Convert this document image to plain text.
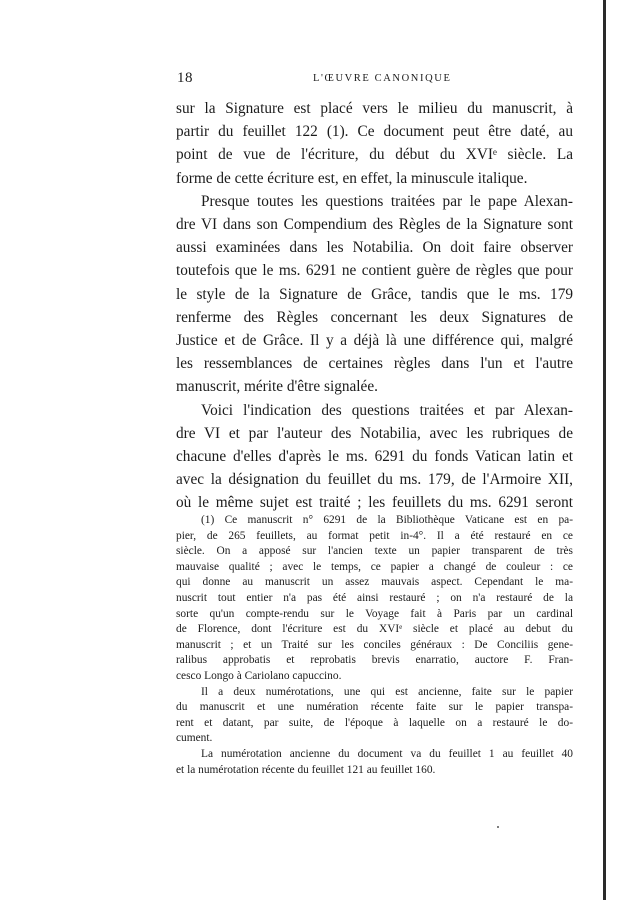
18	L'ŒUVRE CANONIQUE
sur la Signature est placé vers le milieu du manuscrit, à
partir du feuillet 122 (1). Ce document peut être daté, au
point de vue de l'écriture, du début du XVIᵉ siècle. La
forme de cette écriture est, en effet, la minuscule italique.
Presque toutes les questions traitées par le pape Alexan-
dre VI dans son Compendium des Règles de la Signature sont
aussi examinées dans les Notabilia. On doit faire observer
toutefois que le ms. 6291 ne contient guère de règles que pour
le style de la Signature de Grâce, tandis que le ms. 179
renferme des Règles concernant les deux Signatures de
Justice et de Grâce. Il y a déjà là une différence qui, malgré
les ressemblances de certaines règles dans l'un et l'autre
manuscrit, mérite d'être signalée.
Voici l'indication des questions traitées et par Alexan-
dre VI et par l'auteur des Notabilia, avec les rubriques de
chacune d'elles d'après le ms. 6291 du fonds Vatican latin et
avec la désignation du feuillet du ms. 179, de l'Armoire XII,
où le même sujet est traité ; les feuillets du ms. 6291 seront
(1) Ce manuscrit n° 6291 de la Bibliothèque Vaticane est en pa-
pier, de 265 feuillets, au format petit in-4°. Il a été restauré en ce
siècle. On a apposé sur l'ancien texte un papier transparent de très
mauvaise qualité ; avec le temps, ce papier a changé de couleur : ce
qui donne au manuscrit un assez mauvais aspect. Cependant le ma-
nuscrit tout entier n'a pas été ainsi restauré ; on n'a restauré de la
sorte qu'un compte-rendu sur le Voyage fait à Paris par un cardinal
de Florence, dont l'écriture est du XVIᵉ siècle et placé au debut du
manuscrit ; et un Traité sur les conciles généraux : De Conciliis gene-
ralibus approbatis et reprobatis brevis enarratio, auctore F. Fran-
cesco Longo à Cariolano capuccino.
Il a deux numérotations, une qui est ancienne, faite sur le papier
du manuscrit et une numération récente faite sur le papier transpa-
rent et datant, par suite, de l'époque à laquelle on a restauré le do-
cument.
La numérotation ancienne du document va du feuillet 1 au feuillet 40
et la numérotation récente du feuillet 121 au feuillet 160.
